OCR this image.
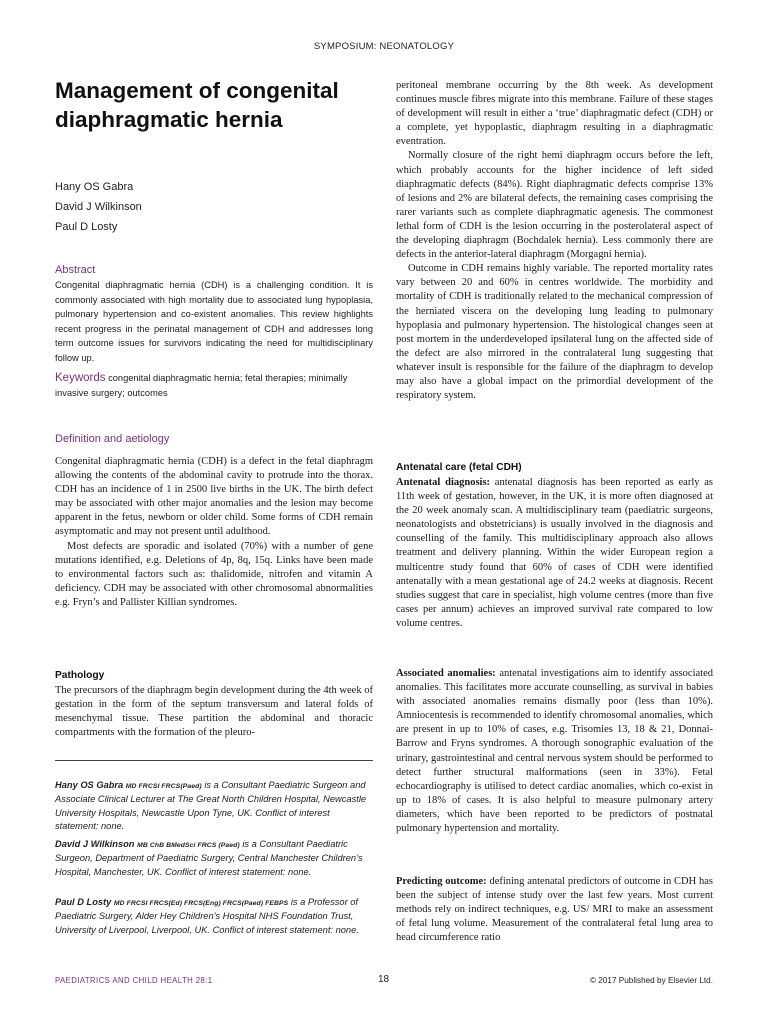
SYMPOSIUM: NEONATOLOGY
Management of congenital diaphragmatic hernia
Hany OS Gabra
David J Wilkinson
Paul D Losty
Abstract
Congenital diaphragmatic hernia (CDH) is a challenging condition. It is commonly associated with high mortality due to associated lung hypoplasia, pulmonary hypertension and co-existent anomalies. This review highlights recent progress in the perinatal management of CDH and addresses long term outcome issues for survivors indicating the need for multidisciplinary follow up.
Keywords congenital diaphragmatic hernia; fetal therapies; minimally invasive surgery; outcomes
Definition and aetiology

Congenital diaphragmatic hernia (CDH) is a defect in the fetal diaphragm allowing the contents of the abdominal cavity to protrude into the thorax. CDH has an incidence of 1 in 2500 live births in the UK. The birth defect may be associated with other major anomalies and the lesion may become apparent in the fetus, newborn or older child. Some forms of CDH remain asymptomatic and may not present until adulthood.

Most defects are sporadic and isolated (70%) with a number of gene mutations identified, e.g. Deletions of 4p, 8q, 15q. Links have been made to environmental factors such as: thalidomide, nitrofen and vitamin A deficiency. CDH may be associated with other chromosomal abnormalities e.g. Fryn’s and Pallister Killian syndromes.

Pathology

The precursors of the diaphragm begin development during the 4th week of gestation in the form of the septum transversum and lateral folds of mesenchymal tissue. These partition the abdominal and thoracic compartments with the formation of the pleuro-

Hany OS Gabra MD FRCSI FRCS(Paed) is a Consultant Paediatric Surgeon and Associate Clinical Lecturer at The Great North Children Hospital, Newcastle University Hospitals, Newcastle Upon Tyne, UK. Conflict of interest statement: none.
David J Wilkinson MB ChB BMedSci FRCS (Paed) is a Consultant Paediatric Surgeon, Department of Paediatric Surgery, Central Manchester Children’s Hospital, Manchester, UK. Conflict of interest statement: none.
Paul D Losty MD FRCSI FRCS(Ed) FRCS(Eng) FRCS(Paed) FEBPS is a Professor of Paediatric Surgery, Alder Hey Children’s Hospital NHS Foundation Trust, University of Liverpool, Liverpool, UK. Conflict of interest statement: none.

peritoneal membrane occurring by the 8th week. As development continues muscle fibres migrate into this membrane. Failure of these stages of development will result in either a ‘true’ diaphragmatic defect (CDH) or a complete, yet hypoplastic, diaphragm resulting in a diaphragmatic eventration.

Normally closure of the right hemi diaphragm occurs before the left, which probably accounts for the higher incidence of left sided diaphragmatic defects (84%). Right diaphragmatic defects comprise 13% of lesions and 2% are bilateral defects, the remaining cases comprising the rarer variants such as complete diaphragmatic agenesis. The commonest lethal form of CDH is the lesion occurring in the posterolateral aspect of the developing diaphragm (Bochdalek hernia). Less commonly there are defects in the anterior-lateral diaphragm (Morgagni hernia).

Outcome in CDH remains highly variable. The reported mortality rates vary between 20 and 60% in centres worldwide. The morbidity and mortality of CDH is traditionally related to the mechanical compression of the herniated viscera on the developing lung leading to pulmonary hypoplasia and pulmonary hypertension. The histological changes seen at post mortem in the underdeveloped ipsilateral lung on the affected side of the defect are also mirrored in the contralateral lung suggesting that whatever insult is responsible for the failure of the diaphragm to develop may also have a global impact on the primordial development of the respiratory system.

Antenatal care (fetal CDH)

Antenatal diagnosis: antenatal diagnosis has been reported as early as 11th week of gestation, however, in the UK, it is more often diagnosed at the 20 week anomaly scan. A multidisciplinary team (paediatric surgeons, neonatologists and obstetricians) is usually involved in the diagnosis and counselling of the family. This multidisciplinary approach also allows treatment and delivery planning. Within the wider European region a multicentre study found that 60% of cases of CDH were identified antenatally with a mean gestational age of 24.2 weeks at diagnosis. Recent studies suggest that care in specialist, high volume centres (more than five cases per annum) achieves an improved survival rate compared to low volume centres.

Associated anomalies: antenatal investigations aim to identify associated anomalies. This facilitates more accurate counselling, as survival in babies with associated anomalies remains dismally poor (less than 10%). Amniocentesis is recommended to identify chromosomal anomalies, which are present in up to 10% of cases, e.g. Trisomies 13, 18 & 21, Donnai-Barrow and Fryns syndromes. A thorough sonographic evaluation of the urinary, gastrointestinal and central nervous system should be performed to detect further structural malformations (seen in 33%). Fetal echocardiography is utilised to detect cardiac anomalies, which co-exist in up to 18% of cases. It is also helpful to measure pulmonary artery diameters, which have been reported to be predictors of postnatal pulmonary hypertension and mortality.

Predicting outcome: defining antenatal predictors of outcome in CDH has been the subject of intense study over the last few years. Most current methods rely on indirect techniques, e.g. US/ MRI to make an assessment of fetal lung volume. Measurement of the contralateral fetal lung area to head circumference ratio

PAEDIATRICS AND CHILD HEALTH 28:1	18	© 2017 Published by Elsevier Ltd.
